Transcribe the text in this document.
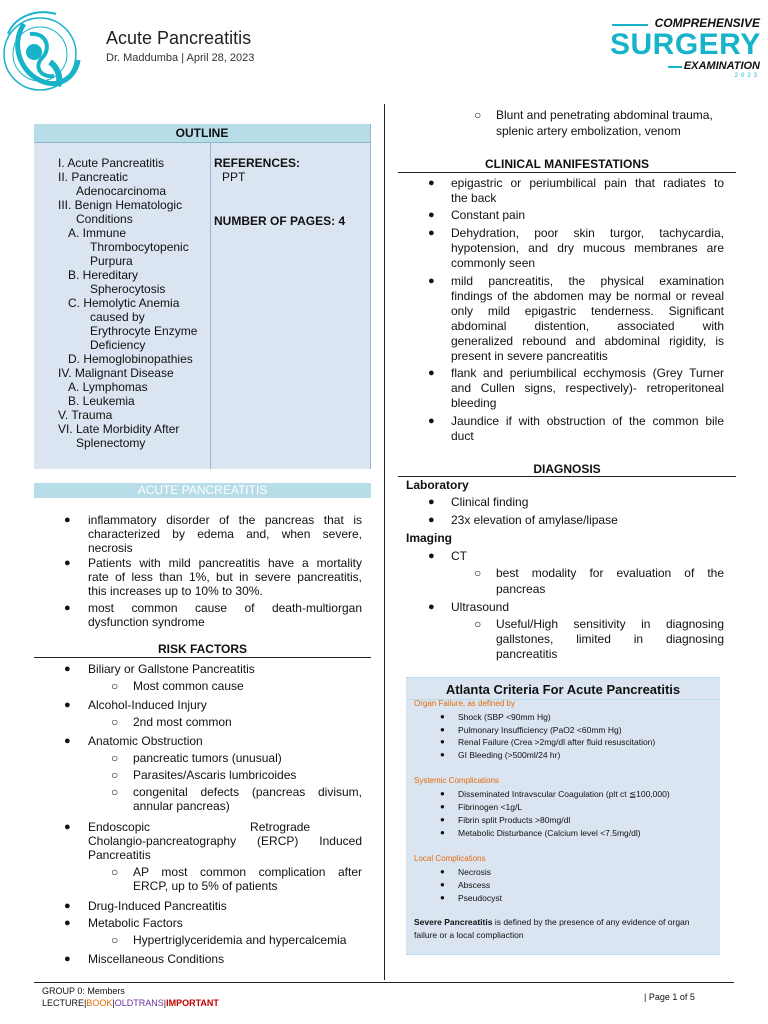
Acute Pancreatitis
Dr. Maddumba | April 28, 2023
COMPREHENSIVE
SURGERY
EXAMINATION
2023
OUTLINE
I. Acute Pancreatitis
II. Pancreatic
Adenocarcinoma
III. Benign Hematologic
Conditions
A. Immune
Thrombocytopenic
Purpura
B. Hereditary
Spherocytosis
C. Hemolytic Anemia
caused by
Erythrocyte Enzyme
Deficiency
D. Hemoglobinopathies
IV. Malignant Disease
A. Lymphomas
B. Leukemia
V. Trauma
VI. Late Morbidity After
Splenectomy
REFERENCES:
PPT
NUMBER OF PAGES: 4
ACUTE PANCREATITIS
● inflammatory disorder of the pancreas that is
characterized by edema and, when severe,
necrosis
● Patients with mild pancreatitis have a mortality
rate of less than 1%, but in severe pancreatitis,
this increases up to 10% to 30%.
● most common cause of death-multiorgan
dysfunction syndrome
RISK FACTORS
● Biliary or Gallstone Pancreatitis
○ Most common cause
● Alcohol-Induced Injury
○ 2nd most common
● Anatomic Obstruction
○ pancreatic tumors (unusual)
○ Parasites/Ascaris lumbricoides
○ congenital defects (pancreas divisum,
annular pancreas)
● Endoscopic                              Retrograde
Cholangio-pancreatography (ERCP) Induced
Pancreatitis
○ AP most common complication after
ERCP, up to 5% of patients
● Drug-Induced Pancreatitis
● Metabolic Factors
○ Hypertriglyceridemia and hypercalcemia
● Miscellaneous Conditions
○ Blunt and penetrating abdominal trauma,
splenic artery embolization, venom
CLINICAL MANIFESTATIONS
● epigastric or periumbilical pain that radiates to
the back
● Constant pain
● Dehydration, poor skin turgor, tachycardia,
hypotension, and dry mucous membranes are
commonly seen
● mild pancreatitis, the physical examination
findings of the abdomen may be normal or reveal
only mild epigastric tenderness. Significant
abdominal distention, associated with
generalized rebound and abdominal rigidity, is
present in severe pancreatitis
● flank and periumbilical ecchymosis (Grey Turner
and Cullen signs, respectively)- retroperitoneal
bleeding
● Jaundice if with obstruction of the common bile
duct
DIAGNOSIS
Laboratory
● Clinical finding
● 23x elevation of amylase/lipase
Imaging
● CT
○ best modality for evaluation of the
pancreas
● Ultrasound
○ Useful/High sensitivity in diagnosing
gallstones, limited in diagnosing
pancreatitis
Atlanta Criteria For Acute Pancreatitis
Organ Failure, as defined by
● Shock (SBP <90mm Hg)
● Pulmonary Insufficiency (PaO2 <60mm Hg)
● Renal Failure (Crea >2mg/dl after fluid resuscitation)
● GI Bleeding (>500ml/24 hr)
Systemic Complications
● Disseminated Intravscular Coagulation (plt ct ≦100,000)
● Fibrinogen <1g/L
● Fibrin split Products >80mg/dl
● Metabolic Disturbance (Calcium level <7.5mg/dl)
Local Complications
● Necrosis
● Abscess
● Pseudocyst
Severe Pancreatitis is defined by the presence of any evidence of organ
failure or a local compliaction
GROUP 0: Members
LECTURE|BOOK|OLDTRANS|IMPORTANT
| Page 1 of 5
